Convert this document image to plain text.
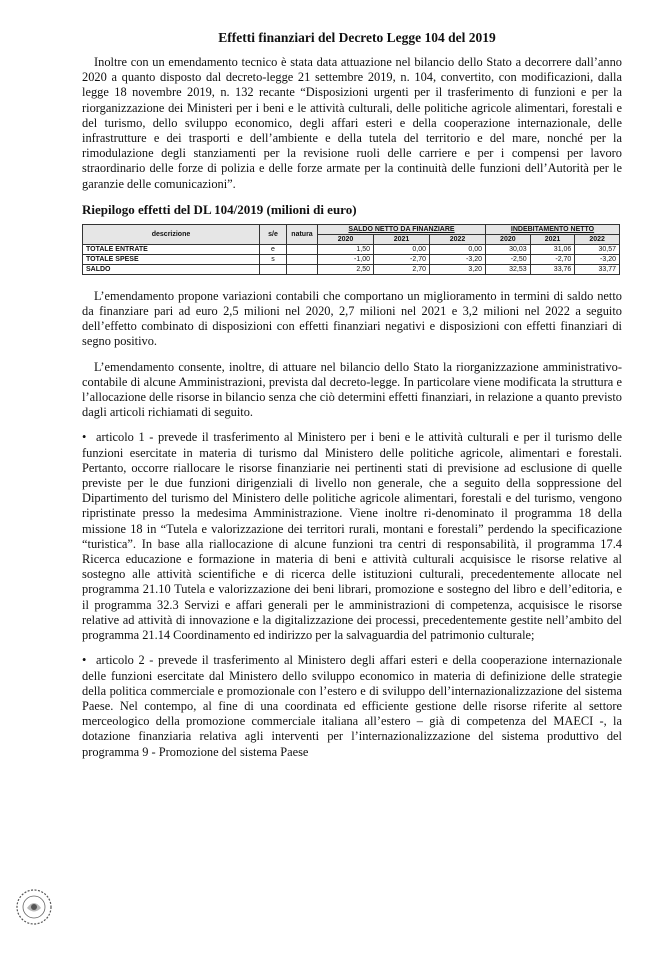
Effetti finanziari del Decreto Legge 104 del 2019

Inoltre con un emendamento tecnico è stata data attuazione nel bilancio dello Stato a decorrere dall’anno 2020 a quanto disposto dal decreto-legge 21 settembre 2019, n. 104, convertito, con modificazioni, dalla legge 18 novembre 2019, n. 132 recante “Disposizioni urgenti per il trasferimento di funzioni e per la riorganizzazione dei Ministeri per i beni e le attività culturali, delle politiche agricole alimentari, forestali e del turismo, dello sviluppo economico, degli affari esteri e della cooperazione internazionale, delle infrastrutture e dei trasporti e dell’ambiente e della tutela del territorio e del mare, nonché per la rimodulazione degli stanziamenti per la revisione ruoli delle carriere e per i compensi per lavoro straordinario delle forze di polizia e delle forze armate per la continuità delle funzioni dell’Autorità per le garanzie delle comunicazioni”.

Riepilogo effetti del DL 104/2019 (milioni di euro)
descrizione	s/e	natura	SALDO NETTO DA FINANZIARE			INDEBITAMENTO NETTO		
			2020	2021	2022	2020	2021	2022
TOTALE ENTRATE	e		1,50	0,00	0,00	30,03	31,06	30,57
TOTALE SPESE	s		-1,00	-2,70	-3,20	-2,50	-2,70	-3,20
SALDO			2,50	2,70	3,20	32,53	33,76	33,77

L’emendamento propone variazioni contabili che comportano un miglioramento in termini di saldo netto da finanziare pari ad euro 2,5 milioni nel 2020, 2,7 milioni nel 2021 e 3,2 milioni nel 2022 a seguito dell’effetto combinato di disposizioni con effetti finanziari negativi e disposizioni con effetti finanziari di segno positivo.

L’emendamento consente, inoltre, di attuare nel bilancio dello Stato la riorganizzazione amministrativo-contabile di alcune Amministrazioni, prevista dal decreto-legge. In particolare viene modificata la struttura e l’allocazione delle risorse in bilancio senza che ciò determini effetti finanziari, in relazione a quanto previsto dagli articoli richiamati di seguito.

• articolo 1 - prevede il trasferimento al Ministero per i beni e le attività culturali e per il turismo delle funzioni esercitate in materia di turismo dal Ministero delle politiche agricole, alimentari e forestali. Pertanto, occorre riallocare le risorse finanziarie nei pertinenti stati di previsione ad esclusione di quelle previste per le due funzioni dirigenziali di livello non generale, che a seguito della soppressione del Dipartimento del turismo del Ministero delle politiche agricole alimentari, forestali e del turismo, vengono ripristinate presso la medesima Amministrazione. Viene inoltre ri-denominato il programma 18 della missione 18 in “Tutela e valorizzazione dei territori rurali, montani e forestali” perdendo la specificazione “turistica”. In base alla riallocazione di alcune funzioni tra centri di responsabilità, il programma 17.4 Ricerca educazione e formazione in materia di beni e attività culturali acquisisce le risorse relative al sostegno alle attività scientifiche e di ricerca delle istituzioni culturali, precedentemente allocate nel programma 21.10 Tutela e valorizzazione dei beni librari, promozione e sostegno del libro e dell’editoria, e il programma 32.3 Servizi e affari generali per le amministrazioni di competenza, acquisisce le risorse relative ad attività di innovazione e la digitalizzazione dei processi, precedentemente gestite nell’ambito del programma 21.14 Coordinamento ed indirizzo per la salvaguardia del patrimonio culturale;

• articolo 2 - prevede il trasferimento al Ministero degli affari esteri e della cooperazione internazionale delle funzioni esercitate dal Ministero dello sviluppo economico in materia di definizione delle strategie della politica commerciale e promozionale con l’estero e di sviluppo dell’internazionalizzazione del sistema Paese. Nel contempo, al fine di una coordinata ed efficiente gestione delle risorse riferite al settore merceologico della promozione commerciale italiana all’estero – già di competenza del MAECI -, la dotazione finanziaria relativa agli interventi per l’internazionalizzazione del sistema produttivo del programma 9 - Promozione del sistema Paese
